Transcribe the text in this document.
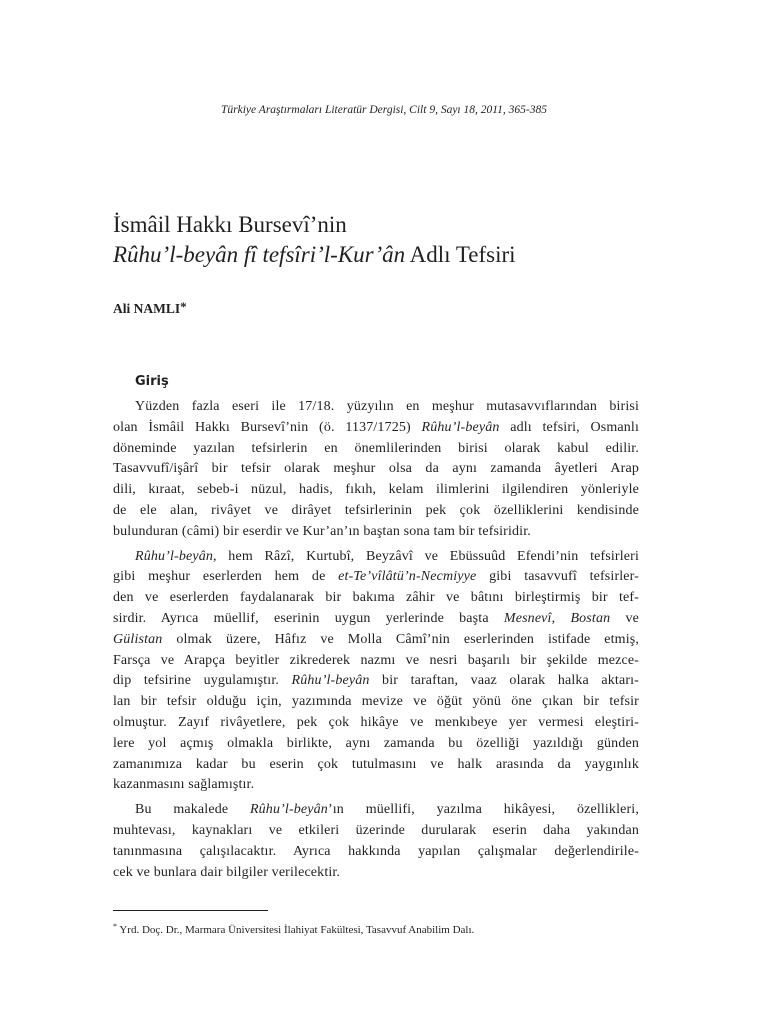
Türkiye Araştırmaları Literatür Dergisi, Cilt 9, Sayı 18, 2011, 365-385
İsmâil Hakkı Bursevî’nin
Rûhu’l-beyân fî tefsîri’l-Kur’ân Adlı Tefsiri
Ali NAMLI*
Giriş
Yüzden fazla eseri ile 17/18. yüzyılın en meşhur mutasavvıflarından birisi
olan İsmâil Hakkı Bursevî’nin (ö. 1137/1725) Rûhu’l-beyân adlı tefsiri, Osmanlı
döneminde yazılan tefsirlerin en önemlilerinden birisi olarak kabul edilir.
Tasavvufî/işârî bir tefsir olarak meşhur olsa da aynı zamanda âyetleri Arap
dili, kıraat, sebeb-i nüzul, hadis, fıkıh, kelam ilimlerini ilgilendiren yönleriyle
de ele alan, rivâyet ve dirâyet tefsirlerinin pek çok özelliklerini kendisinde
bulunduran (câmi) bir eserdir ve Kur’an’ın baştan sona tam bir tefsiridir.
Rûhu’l-beyân, hem Râzî, Kurtubî, Beyzâvî ve Ebüssuûd Efendi’nin tefsirleri
gibi meşhur eserlerden hem de et-Te’vîlâtü’n-Necmiyye gibi tasavvufî tefsirler-
den ve eserlerden faydalanarak bir bakıma zâhir ve bâtını birleştirmiş bir tef-
sirdir. Ayrıca müellif, eserinin uygun yerlerinde başta Mesnevî, Bostan ve
Gülistan olmak üzere, Hâfız ve Molla Câmî’nin eserlerinden istifade etmiş,
Farsça ve Arapça beyitler zikrederek nazmı ve nesri başarılı bir şekilde mezce-
dip tefsirine uygulamıştır. Rûhu’l-beyân bir taraftan, vaaz olarak halka aktarı-
lan bir tefsir olduğu için, yazımında mevize ve öğüt yönü öne çıkan bir tefsir
olmuştur. Zayıf rivâyetlere, pek çok hikâye ve menkıbeye yer vermesi eleştiri-
lere yol açmış olmakla birlikte, aynı zamanda bu özelliği yazıldığı günden
zamanımıza kadar bu eserin çok tutulmasını ve halk arasında da yaygınlık
kazanmasını sağlamıştır.
Bu makalede Rûhu’l-beyân’ın müellifi, yazılma hikâyesi, özellikleri,
muhtevası, kaynakları ve etkileri üzerinde durularak eserin daha yakından
tanınmasına çalışılacaktır. Ayrıca hakkında yapılan çalışmalar değerlendirile-
cek ve bunlara dair bilgiler verilecektir.
* Yrd. Doç. Dr., Marmara Üniversitesi İlahiyat Fakültesi, Tasavvuf Anabilim Dalı.
